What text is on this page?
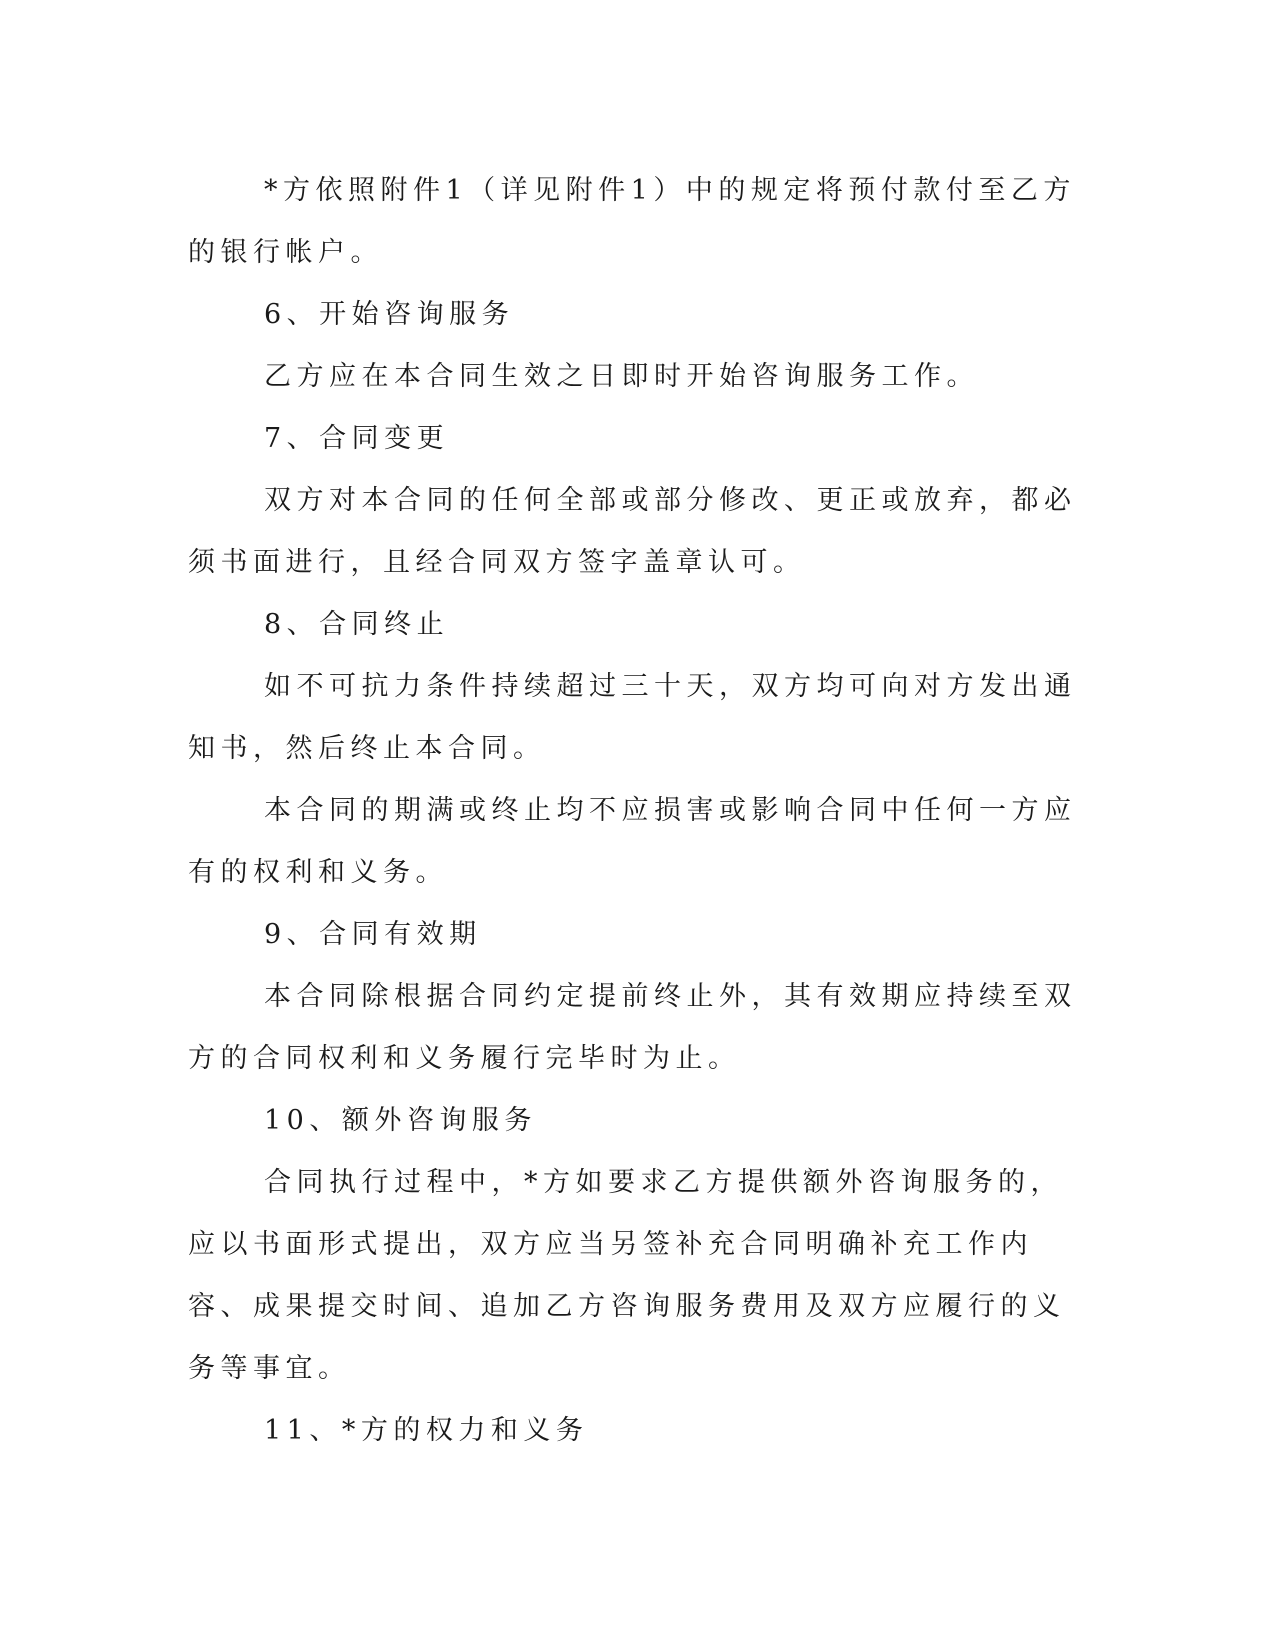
*方依照附件1（详见附件1）中的规定将预付款付至乙方的银行帐户。

6、开始咨询服务

乙方应在本合同生效之日即时开始咨询服务工作。

7、合同变更

双方对本合同的任何全部或部分修改、更正或放弃，都必须书面进行，且经合同双方签字盖章认可。

8、合同终止

如不可抗力条件持续超过三十天，双方均可向对方发出通知书，然后终止本合同。

本合同的期满或终止均不应损害或影响合同中任何一方应有的权利和义务。

9、合同有效期

本合同除根据合同约定提前终止外，其有效期应持续至双方的合同权利和义务履行完毕时为止。

10、额外咨询服务

合同执行过程中，*方如要求乙方提供额外咨询服务的，应以书面形式提出，双方应当另签补充合同明确补充工作内容、成果提交时间、追加乙方咨询服务费用及双方应履行的义务等事宜。

11、*方的权力和义务
